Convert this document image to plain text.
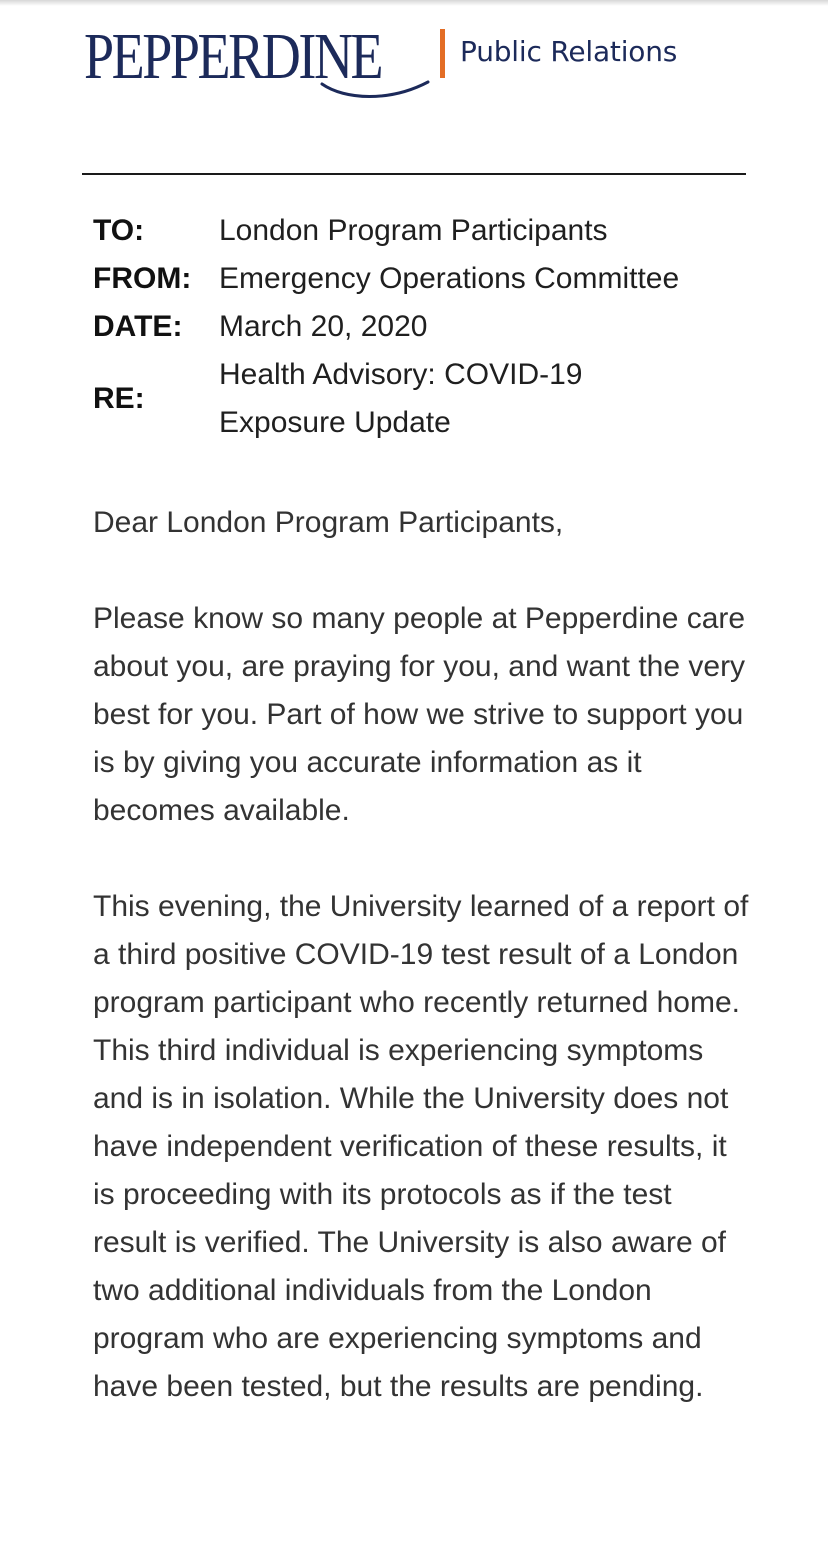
PEPPERDINE	Public Relations
TO:	London Program Participants
FROM: Emergency Operations Committee
DATE:	March 20, 2020
RE:
Health Advisory: COVID-19
Exposure Update

Dear London Program Participants,

Please know so many people at Pepperdine care about you, are praying for you, and want the very best for you. Part of how we strive to support you is by giving you accurate information as it becomes available.

This evening, the University learned of a report of a third positive COVID-19 test result of a London program participant who recently returned home. This third individual is experiencing symptoms and is in isolation. While the University does not have independent verification of these results, it is proceeding with its protocols as if the test result is verified. The University is also aware of two additional individuals from the London program who are experiencing symptoms and have been tested, but the results are pending.
